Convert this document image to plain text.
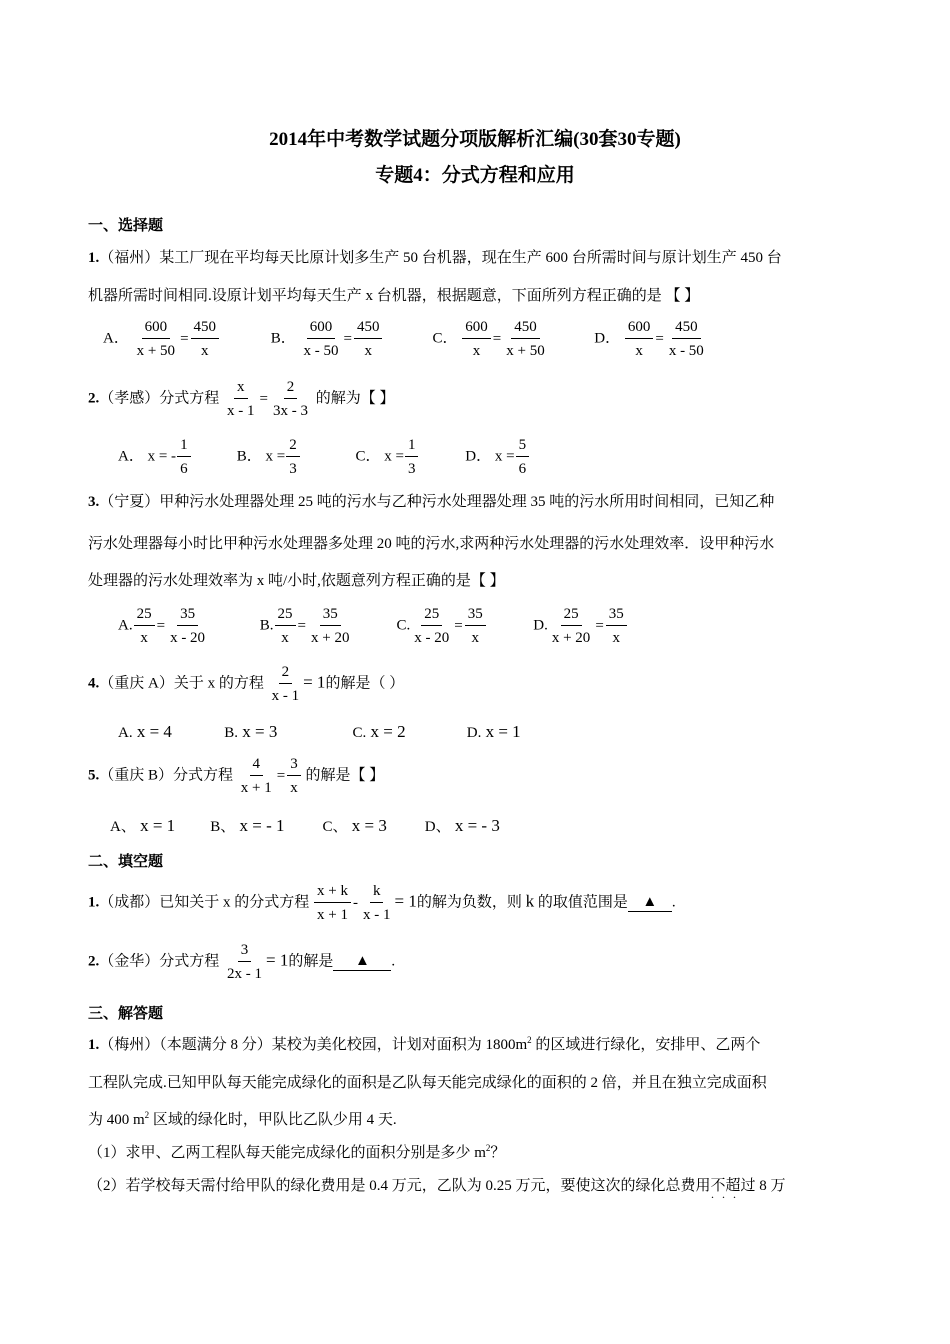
2014年中考数学试题分项版解析汇编(30套30专题)
专题4：分式方程和应用
一、选择题
1.（福州）某工厂现在平均每天比原计划多生产 50 台机器，现在生产 600 台所需时间与原计划生产 450 台
机器所需时间相同.设原计划平均每天生产 x 台机器，根据题意，下面所列方程正确的是 【 】
A． $\frac{600}{x + 50} = \frac{450}{x}$	B． $\frac{600}{x - 50} = \frac{450}{x}$	C． $\frac{600}{x} = \frac{450}{x + 50}$	D． $\frac{600}{x} = \frac{450}{x - 50}$
2.（孝感）分式方程 $\frac{x}{x - 1} = \frac{2}{3x - 3}$ 的解为【 】
A． x = - $\frac{1}{6}$	B． $x = \frac{2}{3}$	C． $x = \frac{1}{3}$	D． $x = \frac{5}{6}$
3.（宁夏）甲种污水处理器处理 25 吨的污水与乙种污水处理器处理 35 吨的污水所用时间相同，已知乙种
污水处理器每小时比甲种污水处理器多处理 20 吨的污水,求两种污水处理器的污水处理效率．设甲种污水
处理器的污水处理效率为 x 吨/小时,依题意列方程正确的是【 】
A. $\frac{25}{x} = \frac{35}{x - 20}$	B. $\frac{25}{x} = \frac{35}{x + 20}$	C. $\frac{25}{x - 20} = \frac{35}{x}$	D. $\frac{25}{x + 20} = \frac{35}{x}$
4.（重庆 A）关于 x 的方程 $\frac{2}{x - 1} = 1$的解是（ ）
A. x = 4	B. x = 3	C. x = 2	D. x = 1
5.（重庆 B）分式方程 $\frac{4}{x + 1} = \frac{3}{x}$ 的解是【 】
A、 x = 1 B、 x = - 1	C、 x = 3	D、 x = - 3
二、填空题
1.（成都）已知关于 x 的分式方程 $\frac{x + k}{x + 1} - \frac{k}{x - 1} = 1$的解为负数，则 k 的取值范围是 ▲ .
2.（金华）分式方程 $\frac{3}{2x - 1} = 1$的解是 ▲ .
三、解答题
1.（梅州）（本题满分 8 分）某校为美化校园，计划对面积为 $1800m^2$ 的区域进行绿化，安排甲、乙两个
工程队完成.已知甲队每天能完成绿化的面积是乙队每天能完成绿化的面积的 2 倍，并且在独立完成面积
为 400 $m^2$ 区域的绿化时，甲队比乙队少用 4 天.
（1）求甲、乙两工程队每天能完成绿化的面积分别是多少 $m^2$？
（2）若学校每天需付给甲队的绿化费用是 0.4 万元，乙队为 0.25 万元，要使这次的绿化总费用不超过
···
8 万
